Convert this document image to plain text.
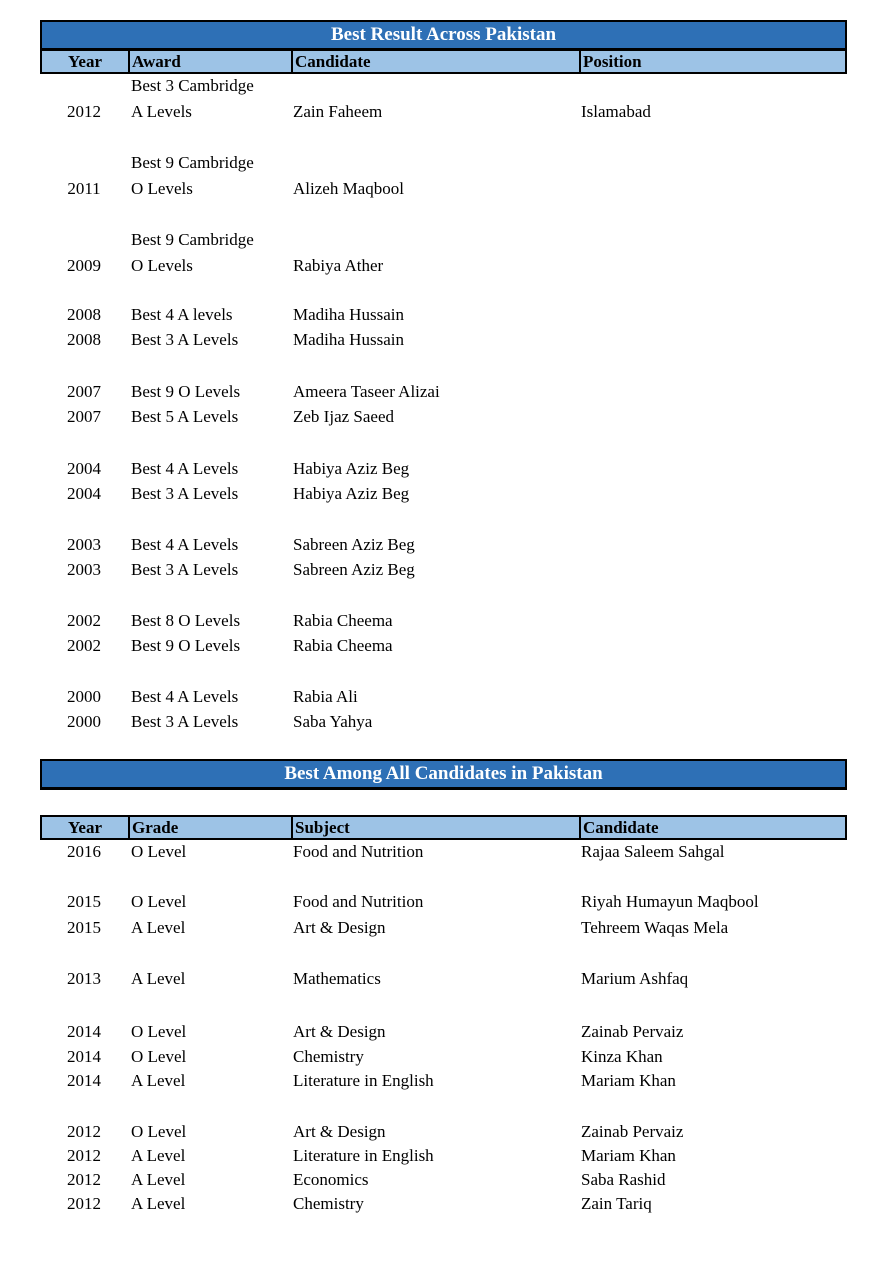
Best Result Across Pakistan
Year	Award	Candidate	Position
Best 3 Cambridge
2012	A Levels	Zain Faheem	Islamabad
Best 9 Cambridge
2011	O Levels	Alizeh Maqbool
Best 9 Cambridge
2009	O Levels	Rabiya Ather
2008	Best 4 A levels	Madiha Hussain
2008	Best 3 A Levels	Madiha Hussain
2007	Best 9 O Levels	Ameera Taseer Alizai
2007	Best 5 A Levels	Zeb Ijaz Saeed
2004	Best 4 A Levels	Habiya Aziz Beg
2004	Best 3 A Levels	Habiya Aziz Beg
2003	Best 4 A Levels	Sabreen Aziz Beg
2003	Best 3 A Levels	Sabreen Aziz Beg
2002	Best 8 O Levels	Rabia Cheema
2002	Best 9 O Levels	Rabia Cheema
2000	Best 4 A Levels	Rabia Ali
2000	Best 3 A Levels	Saba Yahya
Best Among All Candidates in Pakistan
Year	Grade	Subject	Candidate
2016	O Level	Food and Nutrition	Rajaa Saleem Sahgal
2015	O Level	Food and Nutrition	Riyah Humayun Maqbool
2015	A Level	Art & Design	Tehreem Waqas Mela
2013	A Level	Mathematics	Marium Ashfaq
2014	O Level	Art & Design	Zainab Pervaiz
2014	O Level	Chemistry	Kinza Khan
2014	A Level	Literature in English	Mariam Khan
2012	O Level	Art & Design	Zainab Pervaiz
2012	A Level	Literature in English	Mariam Khan
2012	A Level	Economics	Saba Rashid
2012	A Level	Chemistry	Zain Tariq
